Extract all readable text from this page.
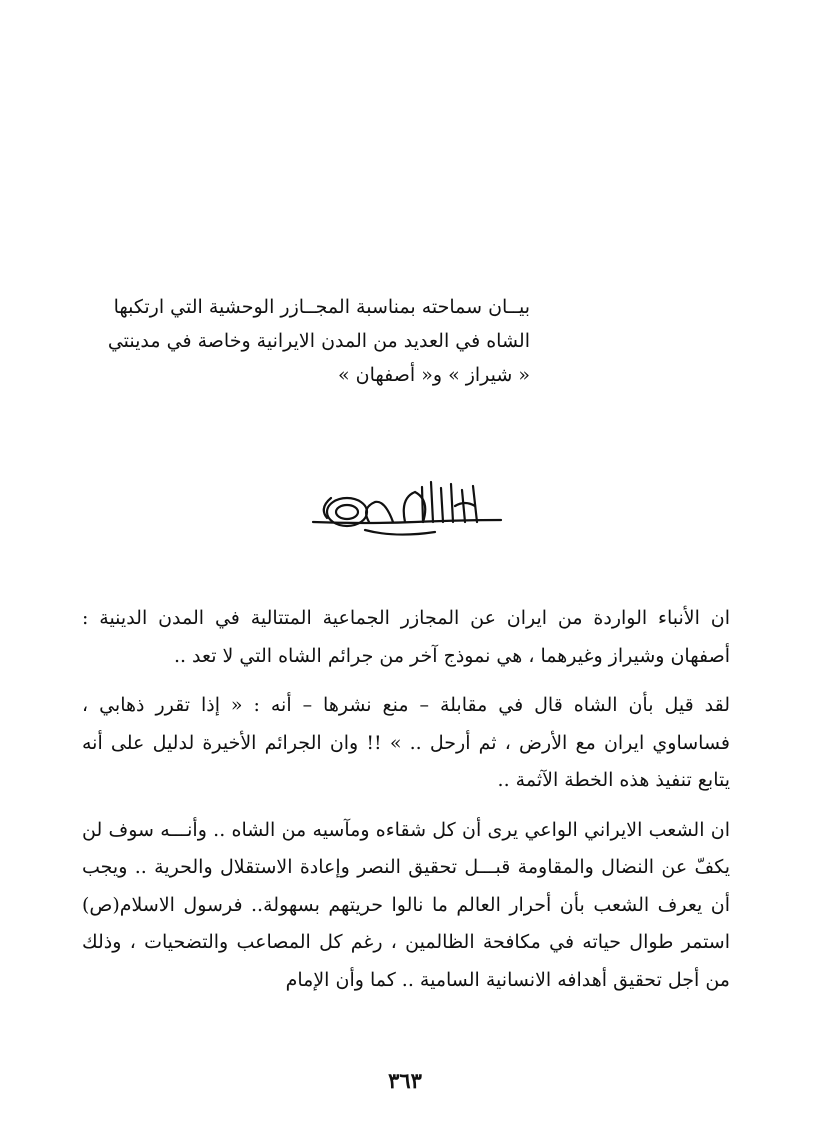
بيــان سماحته بمناسبة المجــازر الوحشية التي ارتكبها

الشاه في العديد من المدن الايرانية وخاصة في مدينتي

« شيراز » و« أصفهان »

ان الأنباء الواردة من ايران عن المجازر الجماعية المتتالية في المدن الدينية : أصفهان وشيراز وغيرهما ، هي نموذج آخر من جرائم الشاه التي لا تعد ..

لقد قيل بأن الشاه قال في مقابلة – منع نشرها – أنه : « إذا تقرر ذهابي ، فساساوي ايران مع الأرض ، ثم أرحل .. » !! وان الجرائم الأخيرة لدليل على أنه يتابع تنفيذ هذه الخطة الآثمة ..

ان الشعب الايراني الواعي يرى أن كل شقاءه ومآسيه من الشاه .. وأنـــه سوف لن يكفّ عن النضال والمقاومة قبـــل تحقيق النصر وإعادة الاستقلال والحرية .. ويجب أن يعرف الشعب بأن أحرار العالم ما نالوا حريتهم بسهولة.. فرسول الاسلام(ص) استمر طوال حياته في مكافحة الظالمين ، رغم كل المصاعب والتضحيات ، وذلك من أجل تحقيق أهدافه الانسانية السامية .. كما وأن الإمام

٣٦٣
